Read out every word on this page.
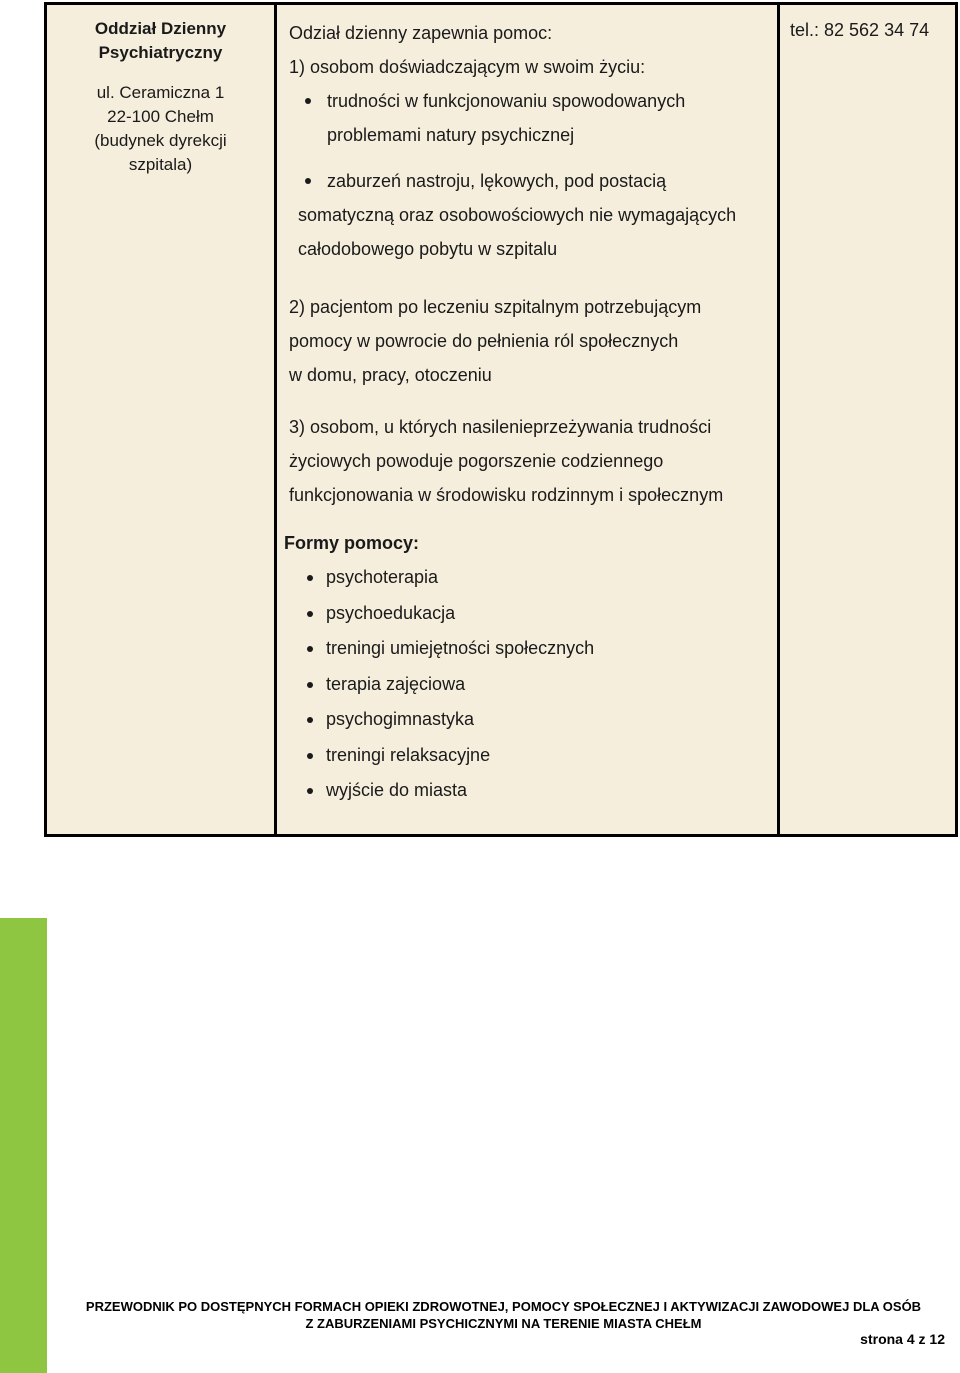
Oddział Dzienny
Psychiatryczny
ul. Ceramiczna 1
22-100 Chełm
(budynek dyrekcji
szpitala)
Odział dzienny zapewnia pomoc:
1) osobom doświadczającym w swoim życiu:
trudności w funkcjonowaniu spowodowanych
problemami natury psychicznej
zaburzeń nastroju, lękowych, pod postacią
somatyczną oraz osobowościowych nie wymagających
całodobowego pobytu w szpitalu
2) pacjentom po leczeniu szpitalnym potrzebującym
pomocy w powrocie do pełnienia ról społecznych
w domu, pracy, otoczeniu
3) osobom, u których nasilenieprzeżywania trudności
życiowych powoduje pogorszenie codziennego
funkcjonowania w środowisku rodzinnym i społecznym
Formy pomocy:
psychoterapia
psychoedukacja
treningi umiejętności społecznych
terapia zajęciowa
psychogimnastyka
treningi relaksacyjne
wyjście do miasta
tel.: 82 562 34 74
PRZEWODNIK PO DOSTĘPNYCH FORMACH OPIEKI ZDROWOTNEJ, POMOCY SPOŁECZNEJ I AKTYWIZACJI ZAWODOWEJ DLA OSÓB
Z ZABURZENIAMI PSYCHICZNYMI NA TERENIE MIASTA CHEŁM
strona 4 z 12
